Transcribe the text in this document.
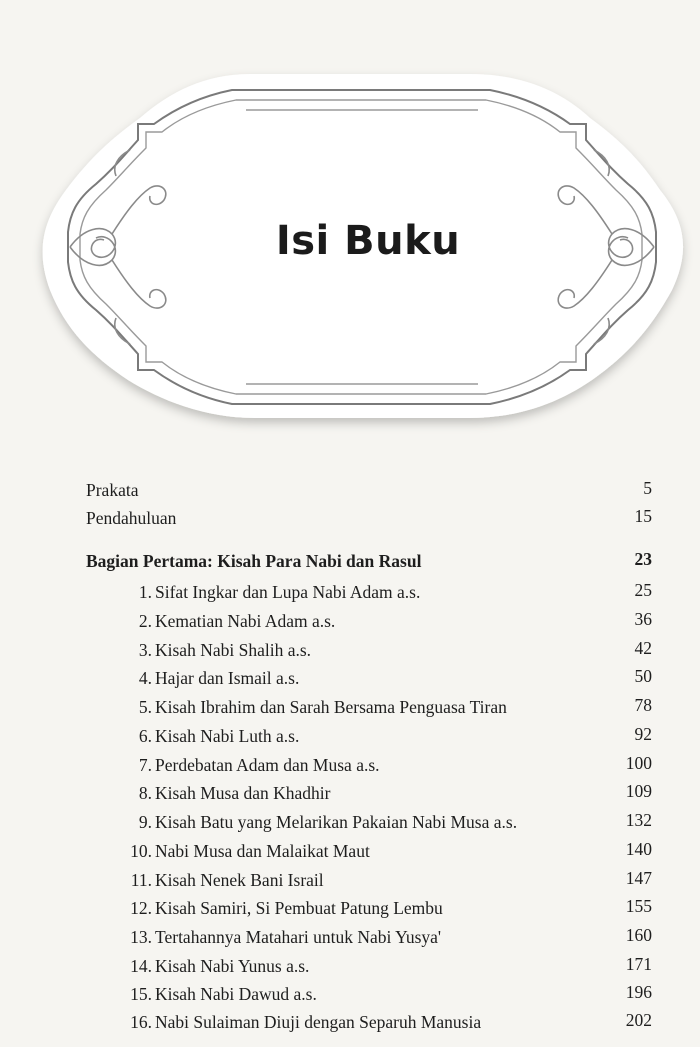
Isi Buku
Prakata	5
Pendahuluan	15
Bagian Pertama: Kisah Para Nabi dan Rasul	23
1. Sifat Ingkar dan Lupa Nabi Adam a.s.	25
2. Kematian Nabi Adam a.s.	36
3. Kisah Nabi Shalih a.s.	42
4. Hajar dan Ismail a.s.	50
5. Kisah Ibrahim dan Sarah Bersama Penguasa Tiran	78
6. Kisah Nabi Luth a.s.	92
7. Perdebatan Adam dan Musa a.s.	100
8. Kisah Musa dan Khadhir	109
9. Kisah Batu yang Melarikan Pakaian Nabi Musa a.s.	132
10. Nabi Musa dan Malaikat Maut	140
11. Kisah Nenek Bani Israil	147
12. Kisah Samiri, Si Pembuat Patung Lembu	155
13. Tertahannya Matahari untuk Nabi Yusya'	160
14. Kisah Nabi Yunus a.s.	171
15. Kisah Nabi Dawud a.s.	196
16. Nabi Sulaiman Diuji dengan Separuh Manusia	202
